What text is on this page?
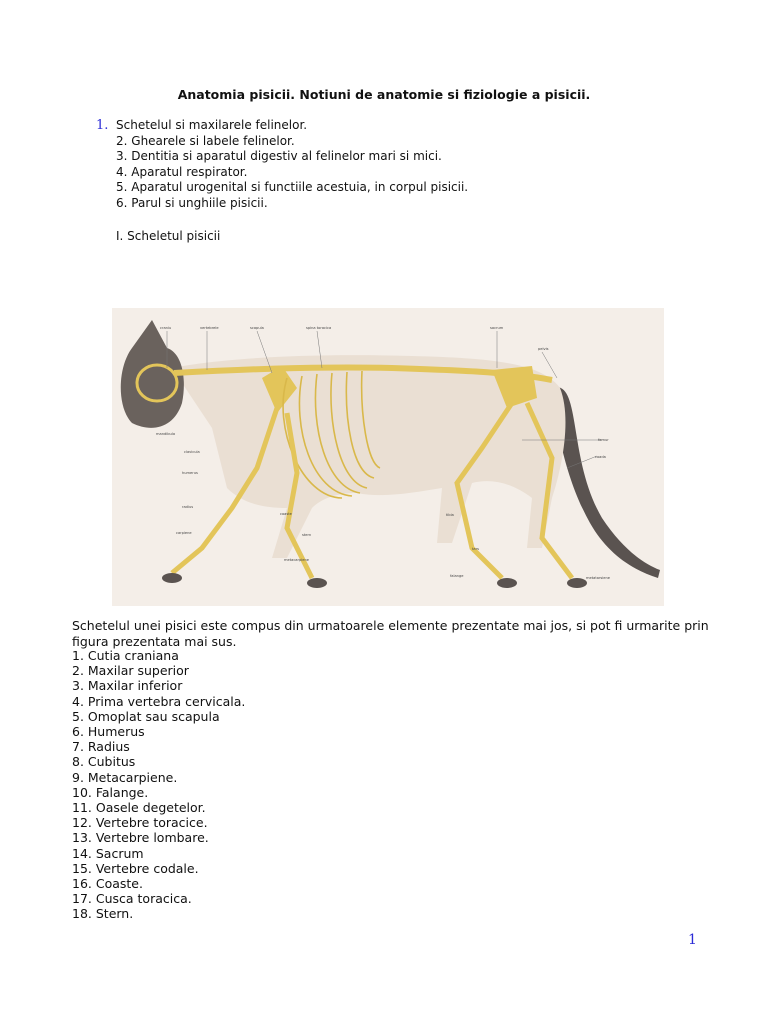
Anatomia pisicii. Notiuni de anatomie si fiziologie a pisicii.
1. Schetelul si maxilarele felinelor.
2. Ghearele si labele felinelor.
3. Dentitia si aparatul digestiv al felinelor mari si mici.
4. Aparatul respirator.
5. Aparatul urogenital si functiile acestuia, in corpul pisicii.
6. Parul si unghiile pisicii.
I. Scheletul pisicii
craniu	vertebrele	scapula	spina toracica	sacrum
pelvis
mandibula
clavicula
humerus
radius
carpiene
coaste
stern
metacarpiene
femur
coada
tibia
tars
falange	metatarsiene
Schetelul unei pisici este compus din urmatoarele elemente prezentate mai jos, si pot fi urmarite prin figura prezentata mai sus.
1. Cutia craniana
2. Maxilar superior
3. Maxilar inferior
4. Prima vertebra cervicala.
5. Omoplat sau scapula
6. Humerus
7. Radius
8. Cubitus
9. Metacarpiene.
10. Falange.
11. Oasele degetelor.
12. Vertebre toracice.
13. Vertebre lombare.
14. Sacrum
15. Vertebre codale.
16. Coaste.
17. Cusca toracica.
18. Stern.
1
